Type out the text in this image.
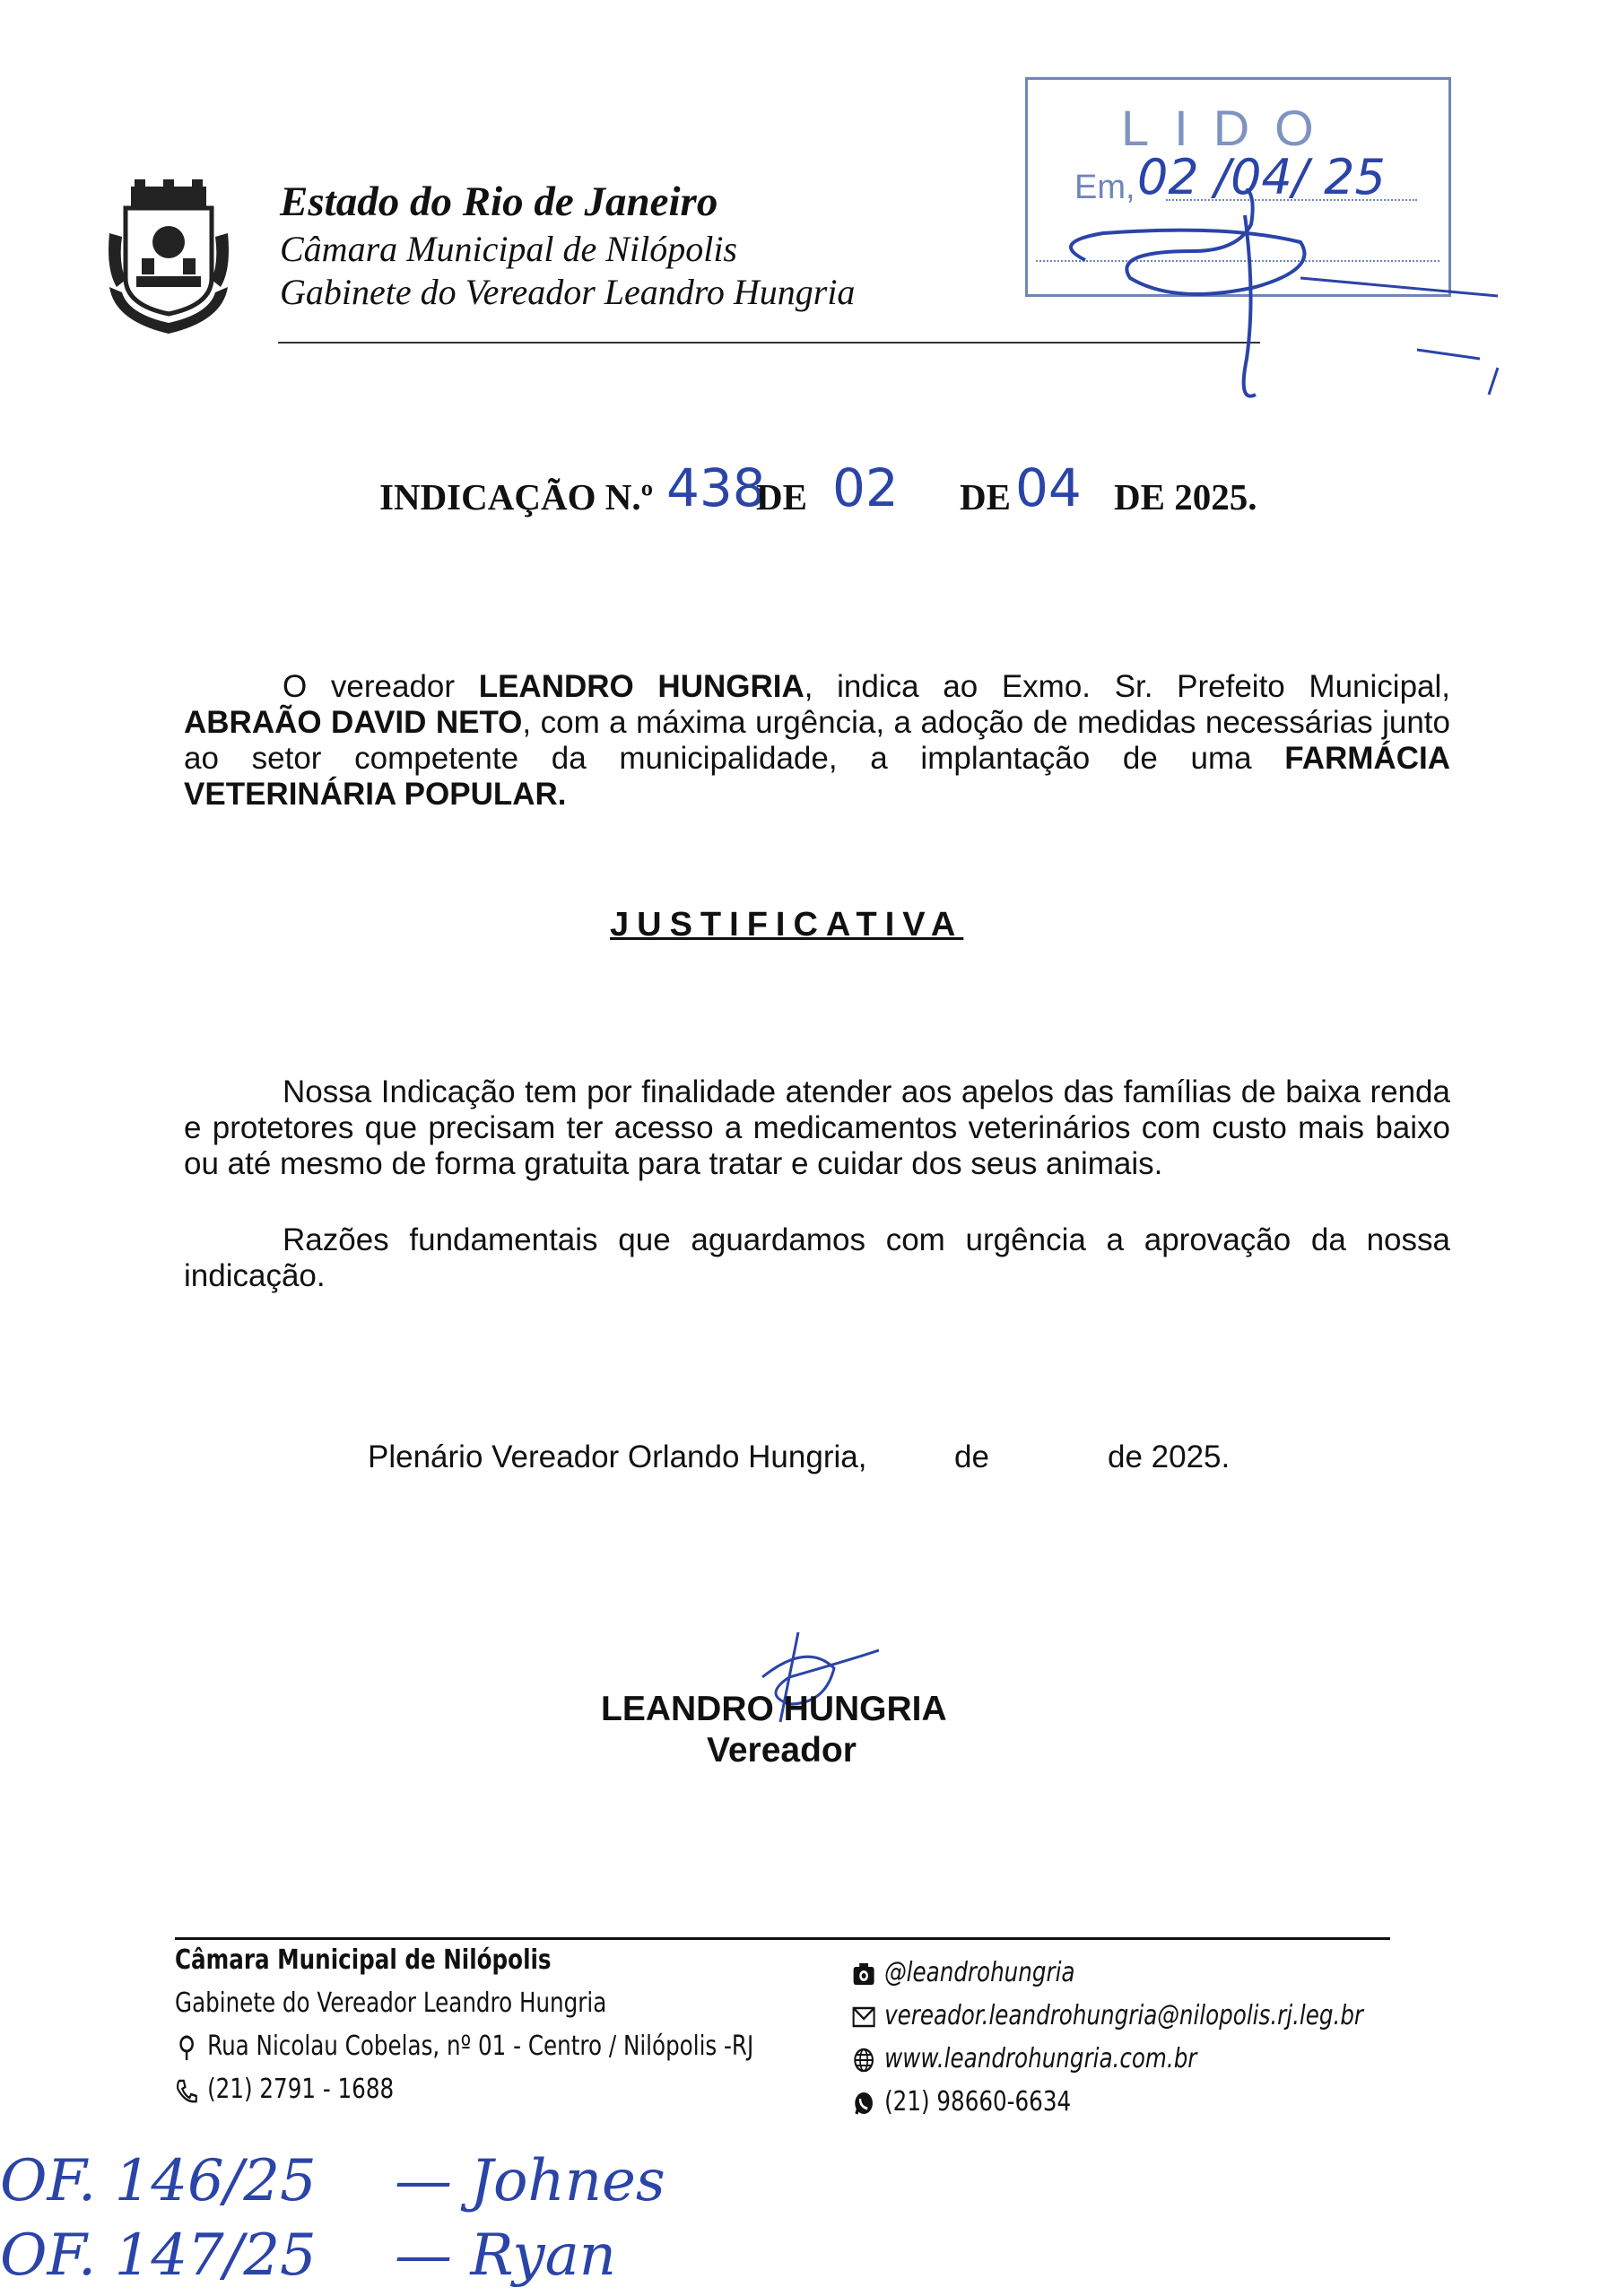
Estado do Rio de Janeiro
Câmara Municipal de Nilópolis
Gabinete do Vereador Leandro Hungria
LIDO
Em, 02 /04/ 25
INDICAÇÃO N.º 438
DE 02 DE 04 DE 2025.
O vereador LEANDRO HUNGRIA, indica ao Exmo. Sr. Prefeito Municipal, ABRAÃO DAVID NETO, com a máxima urgência, a adoção de medidas necessárias junto ao setor competente da municipalidade, a implantação de uma FARMÁCIA VETERINÁRIA POPULAR.
JUSTIFICATIVA
Nossa Indicação tem por finalidade atender aos apelos das famílias de baixa renda e protetores que precisam ter acesso a medicamentos veterinários com custo mais baixo ou até mesmo de forma gratuita para tratar e cuidar dos seus animais.
Razões fundamentais que aguardamos com urgência a aprovação da nossa indicação.
Plenário Vereador Orlando Hungria,	de	de 2025.
LEANDRO HUNGRIA
Vereador
Câmara Municipal de Nilópolis
Gabinete do Vereador Leandro Hungria
Rua Nicolau Cobelas, nº 01 - Centro / Nilópolis -RJ
(21) 2791 - 1688
@leandrohungria
vereador.leandrohungria@nilopolis.rj.leg.br
www.leandrohungria.com.br
(21) 98660-6634
OF. 146/25 — Johnes
OF. 147/25 — Ryan
